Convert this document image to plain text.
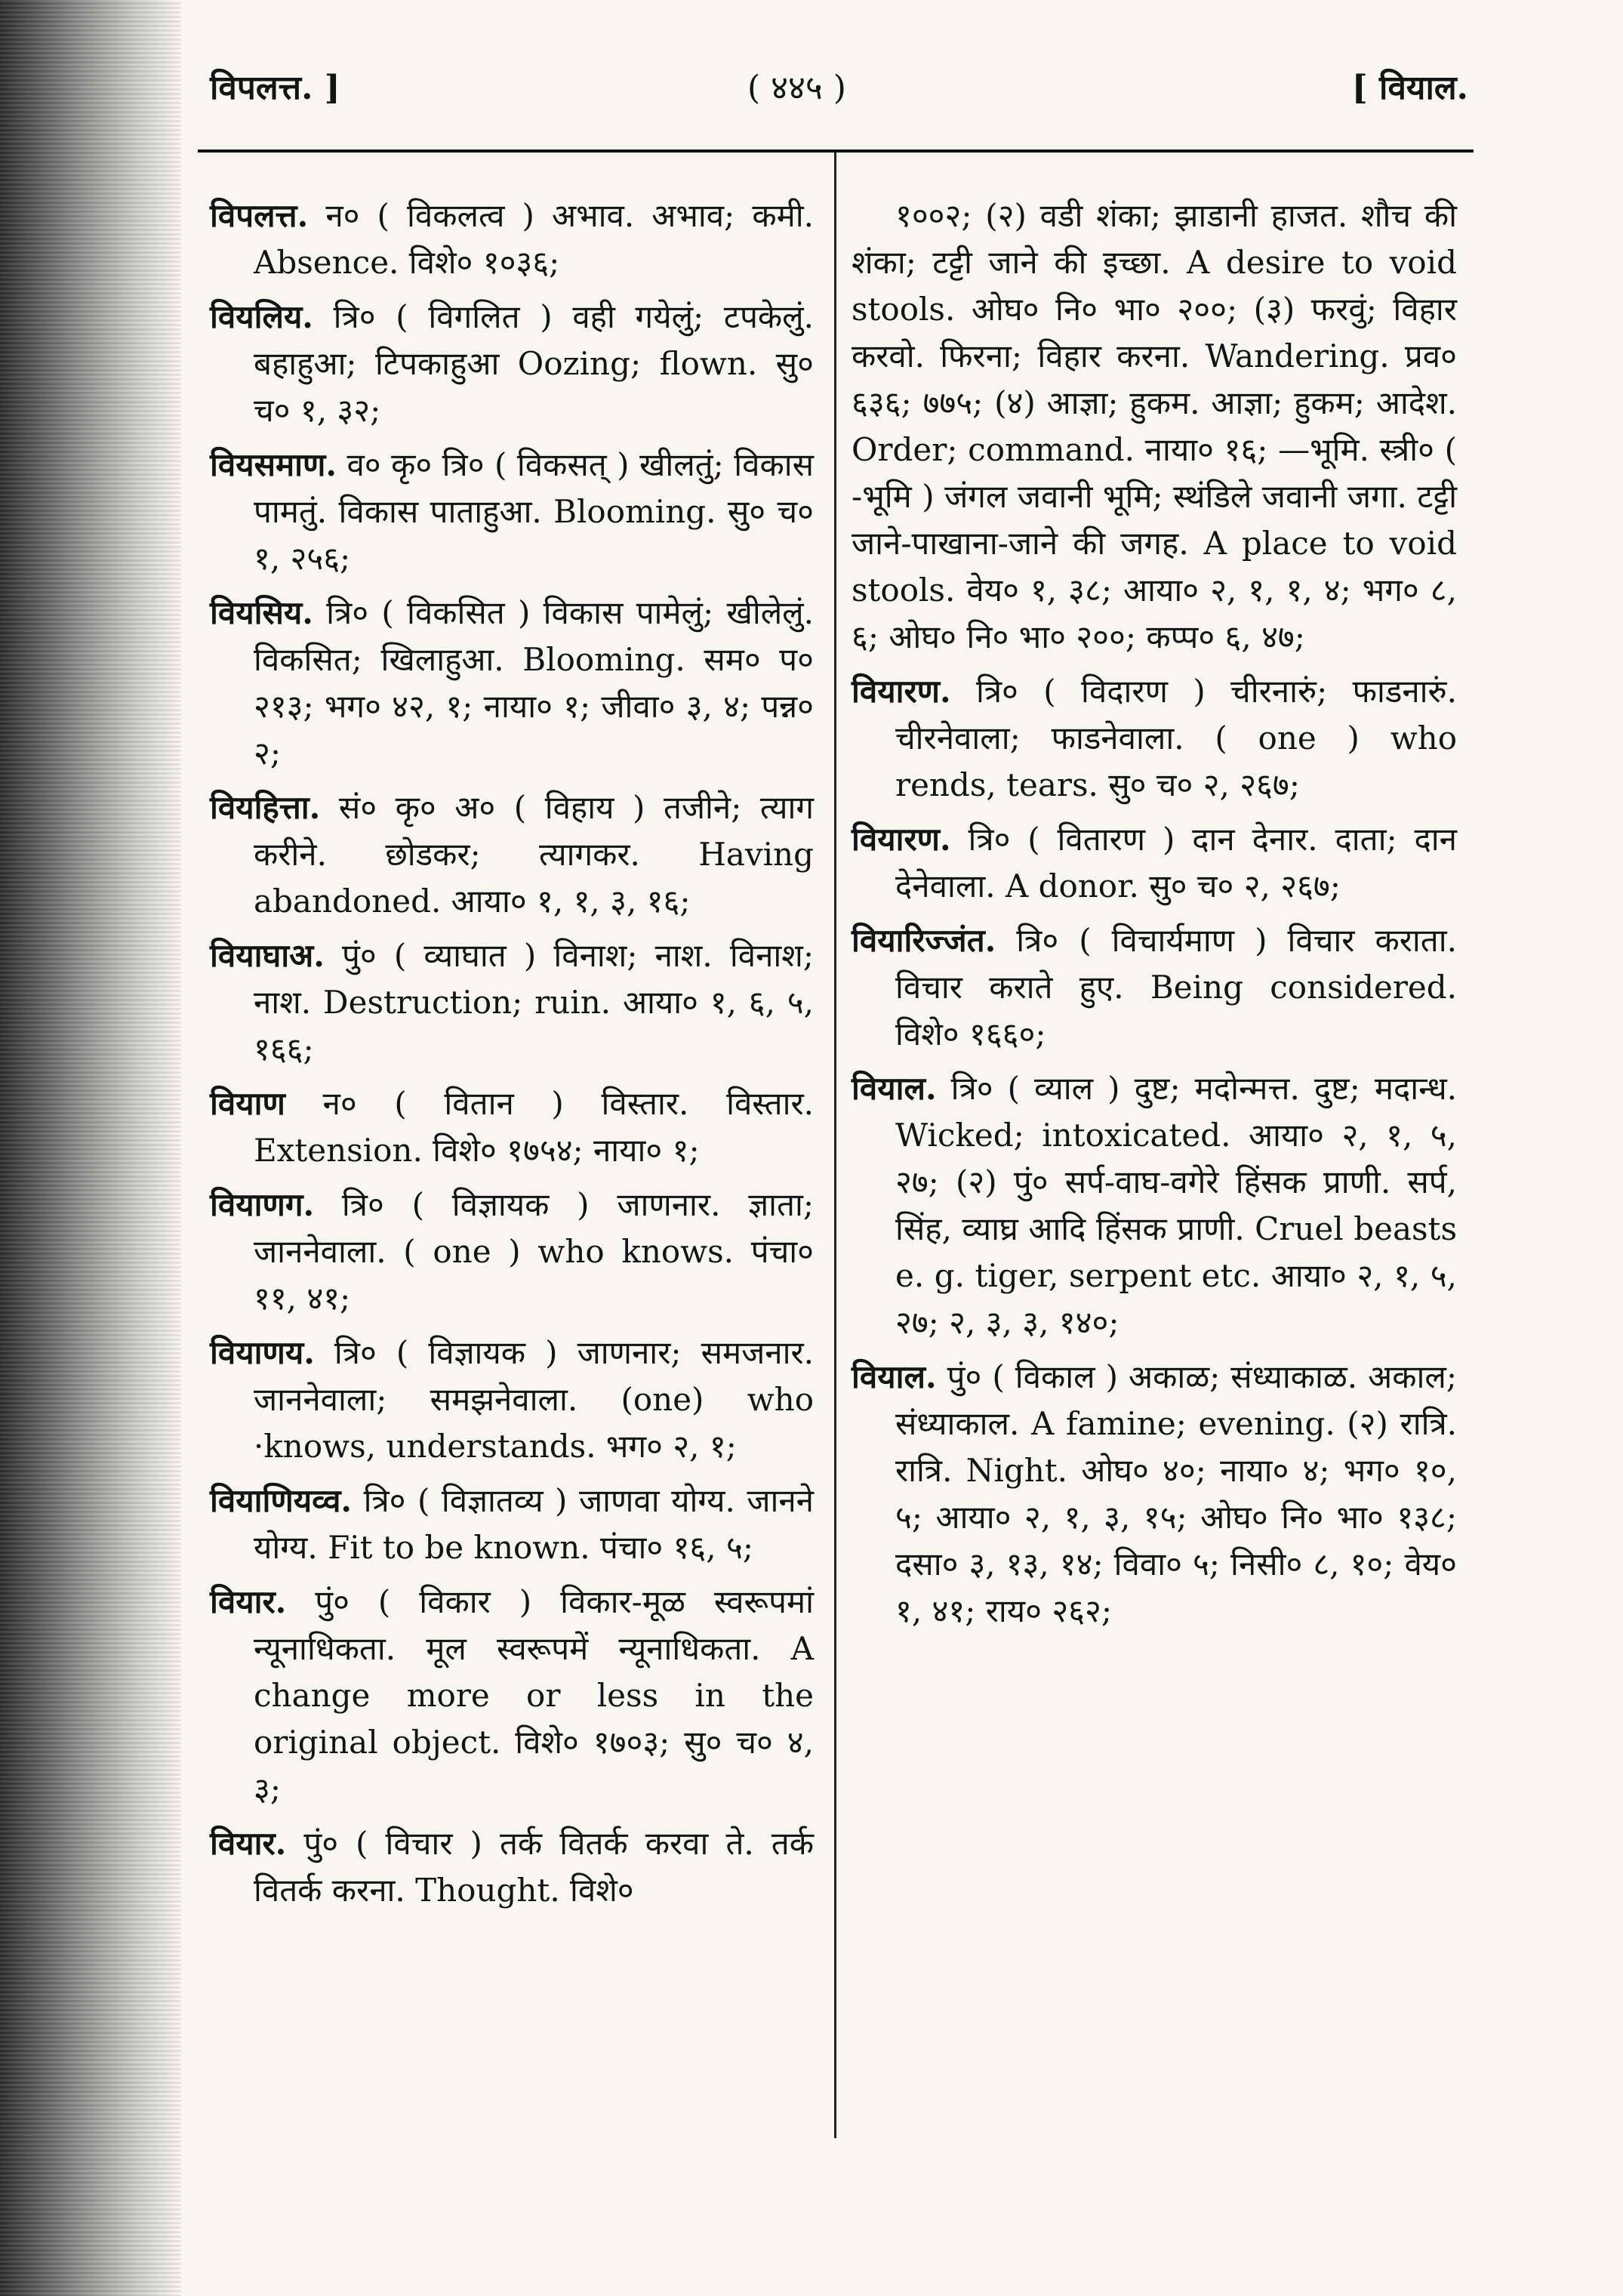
विपलत्त. ]	( ४४५ )	[ वियाल.

विपलत्त. न० ( विकलत्व ) अभाव. अभाव; कमी. Absence. विशे० १०३६;

वियलिय. त्रि० ( विगलित ) वही गयेलुं; टपकेलुं. बहाहुआ; टिपकाहुआ Oozing; flown. सु० च० १, ३२;

वियसमाण. व० कृ० त्रि० ( विकसत् ) खीलतुं; विकास पामतुं. विकास पाताहुआ. Blooming. सु० च० १, २५६;

वियसिय. त्रि० ( विकसित ) विकास पामेलुं; खीलेलुं. विकसित; खिलाहुआ. Blooming. सम० प० २१३; भग० ४२, १; नाया० १; जीवा० ३, ४; पन्न० २;

वियहित्ता. सं० कृ० अ० ( विहाय ) तजीने; त्याग करीने. छोडकर; त्यागकर. Having abandoned. आया० १, १, ३, १६;

वियाघाअ. पुं० ( व्याघात ) विनाश; नाश. विनाश; नाश. Destruction; ruin. आया० १, ६, ५, १६६;

वियाण न० ( वितान ) विस्तार. विस्तार. Extension. विशे० १७५४; नाया० १;

वियाणग. त्रि० ( विज्ञायक ) जाणनार. ज्ञाता; जाननेवाला. ( one ) who knows. पंचा० ११, ४१;

वियाणय. त्रि० ( विज्ञायक ) जाणनार; समजनार. जाननेवाला; समझनेवाला. (one) who ·knows, understands. भग० २, १;

वियाणियव्व. त्रि० ( विज्ञातव्य ) जाणवा योग्य. जानने योग्य. Fit to be known. पंचा० १६, ५;

वियार. पुं० ( विकार ) विकार-मूळ स्वरूपमां न्यूनाधिकता. मूल स्वरूपमें न्यूनाधिकता. A change more or less in the original object. विशे० १७०३; सु० च० ४, ३;

वियार. पुं० ( विचार ) तर्क वितर्क करवा ते. तर्क वितर्क करना. Thought. विशे०

१००२; (२) वडी शंका; झाडानी हाजत. शौच की शंका; टट्टी जाने की इच्छा. A desire to void stools. ओघ० नि० भा० २००; (३) फरवुं; विहार करवो. फिरना; विहार करना. Wandering. प्रव० ६३६; ७७५; (४) आज्ञा; हुकम. आज्ञा; हुकम; आदेश. Order; command. नाया० १६; —भूमि. स्त्री० ( -भूमि ) जंगल जवानी भूमि; स्थंडिले जवानी जगा. टट्टी जाने-पाखाना-जाने की जगह. A place to void stools. वेय० १, ३८; आया० २, १, १, ४; भग० ८, ६; ओघ० नि० भा० २००; कप्प० ६, ४७;

वियारण. त्रि० ( विदारण ) चीरनारुं; फाडनारुं. चीरनेवाला; फाडनेवाला. ( one ) who rends, tears. सु० च० २, २६७;

वियारण. त्रि० ( वितारण ) दान देनार. दाता; दान देनेवाला. A donor. सु० च० २, २६७;

वियारिज्जंत. त्रि० ( विचार्यमाण ) विचार कराता. विचार कराते हुए. Being considered. विशे० १६६०;

वियाल. त्रि० ( व्याल ) दुष्ट; मदोन्मत्त. दुष्ट; मदान्ध. Wicked; intoxicated. आया० २, १, ५, २७; (२) पुं० सर्प-वाघ-वगेरे हिंसक प्राणी. सर्प, सिंह, व्याघ्र आदि हिंसक प्राणी. Cruel beasts e. g. tiger, serpent etc. आया० २, १, ५, २७; २, ३, ३, १४०;

वियाल. पुं० ( विकाल ) अकाळ; संध्याकाळ. अकाल; संध्याकाल. A famine; evening. (२) रात्रि. रात्रि. Night. ओघ० ४०; नाया० ४; भग० १०, ५; आया० २, १, ३, १५; ओघ० नि० भा० १३८; दसा० ३, १३, १४; विवा० ५; निसी० ८, १०; वेय० १, ४१; राय० २६२;
